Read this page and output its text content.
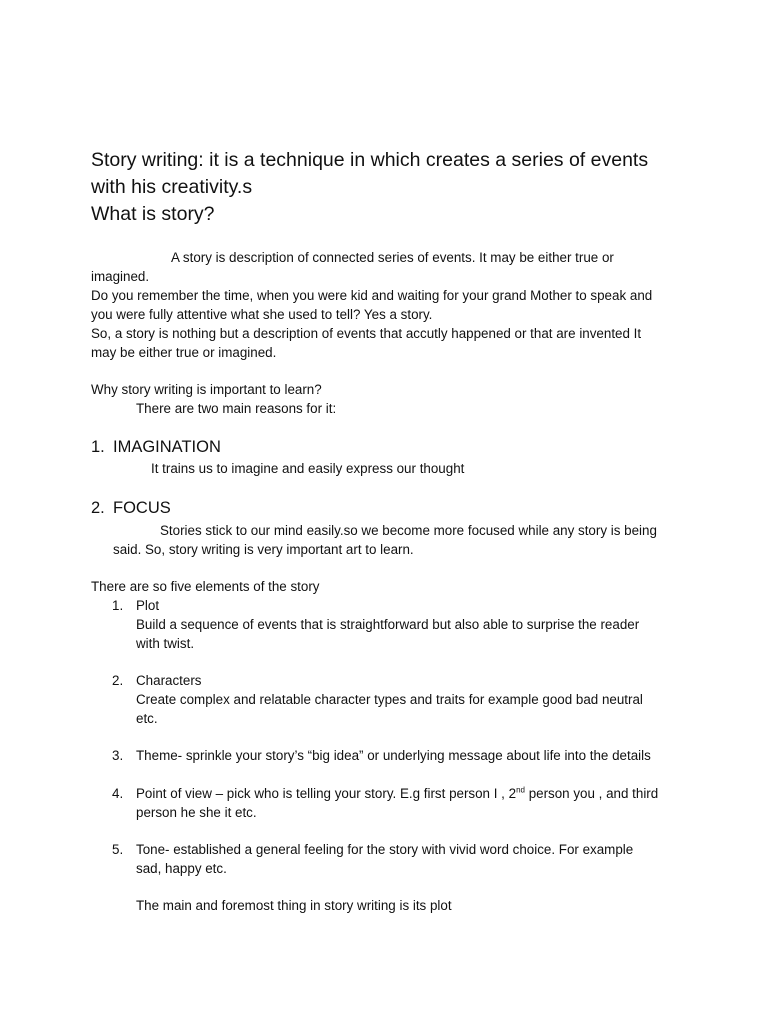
Story writing: it is a technique in which creates a series of events
with his creativity.s
What is story?
A story is description of connected series of events. It may be either true or
imagined.
Do you remember the time, when you were kid and waiting for your grand Mother to speak and
you were fully attentive what she used to tell? Yes a story.
So, a story is nothing but a description of events that accutly happened or that are invented It
may be either true or imagined.
Why story writing is important to learn?
There are two main reasons for it:
1. IMAGINATION

It trains us to imagine and easily express our thought

2. FOCUS
Stories stick to our mind easily.so we become more focused while any story is being
said. So, story writing is very important art to learn.
There are so five elements of the story
1. Plot
Build a sequence of events that is straightforward but also able to surprise the reader
with twist.
2. Characters
Create complex and relatable character types and traits for example good bad neutral
etc.
3. Theme- sprinkle your story’s “big idea” or underlying message about life into the details
4. Point of view – pick who is telling your story. E.g first person I , 2nd person you , and third
person he she it etc.
5. Tone- established a general feeling for the story with vivid word choice. For example
sad, happy etc.
The main and foremost thing in story writing is its plot
